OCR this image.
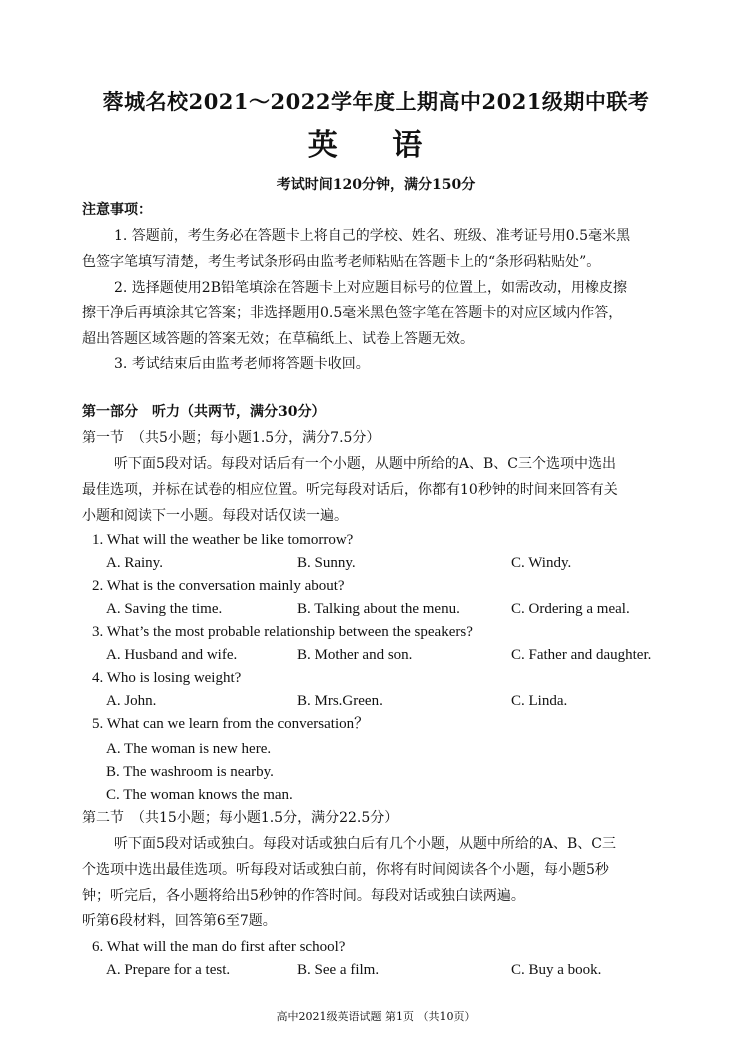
蓉城名校2021～2022学年度上期高中2021级期中联考
英 语
考试时间120分钟，满分150分
注意事项：
1. 答题前，考生务必在答题卡上将自己的学校、姓名、班级、准考证号用0.5毫米黑
色签字笔填写清楚，考生考试条形码由监考老师粘贴在答题卡上的“条形码粘贴处”。
2. 选择题使用2B铅笔填涂在答题卡上对应题目标号的位置上，如需改动，用橡皮擦
擦干净后再填涂其它答案；非选择题用0.5毫米黑色签字笔在答题卡的对应区域内作答，
超出答题区域答题的答案无效；在草稿纸上、试卷上答题无效。
3. 考试结束后由监考老师将答题卡收回。
第一部分　听力（共两节，满分30分）
第一节　（共5小题；每小题1.5分，满分7.5分）
听下面5段对话。每段对话后有一个小题，从题中所给的A、B、C三个选项中选出
最佳选项，并标在试卷的相应位置。听完每段对话后，你都有10秒钟的时间来回答有关
小题和阅读下一小题。每段对话仅读一遍。
1. What will the weather be like tomorrow?
A. Rainy.	B. Sunny.	C. Windy.
2. What is the conversation mainly about?
A. Saving the time.	B. Talking about the menu.	C. Ordering a meal.
3. What’s the most probable relationship between the speakers?
A. Husband and wife.	B. Mother and son.	C. Father and daughter.
4. Who is losing weight?
A. John.	B. Mrs.Green.	C. Linda.
5. What can we learn from the conversation？
A. The woman is new here.
B. The washroom is nearby.
C. The woman knows the man.
第二节　（共15小题；每小题1.5分，满分22.5分）
听下面5段对话或独白。每段对话或独白后有几个小题，从题中所给的A、B、C三
个选项中选出最佳选项。听每段对话或独白前，你将有时间阅读各个小题，每小题5秒
钟；听完后，各小题将给出5秒钟的作答时间。每段对话或独白读两遍。
听第6段材料，回答第6至7题。
6. What will the man do first after school?
A. Prepare for a test.	B. See a film.	C. Buy a book.
高中2021级英语试题 第1页 （共10页）
